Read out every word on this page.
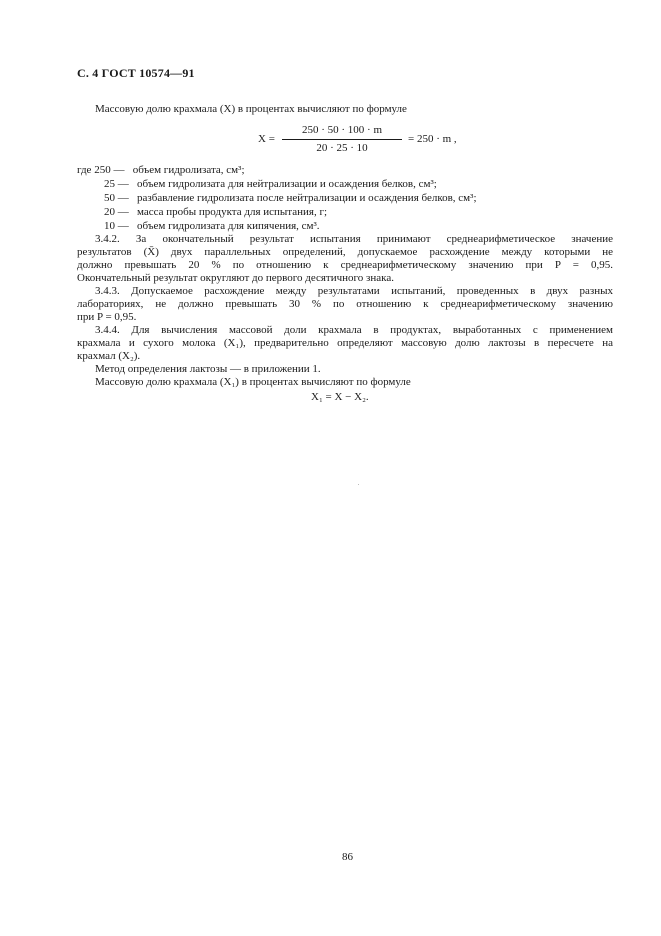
С. 4 ГОСТ 10574—91
Массовую долю крахмала (X) в процентах вычисляют по формуле
X =
250 · 50 · 100 · m
20 · 25 · 10
= 250 · m ,
где 250 — объем гидролизата, см³;
25 — объем гидролизата для нейтрализации и осаждения белков, см³;
50 — разбавление гидролизата после нейтрализации и осаждения белков, см³;
20 — масса пробы продукта для испытания, г;
10 — объем гидролизата для кипячения, см³.
3.4.2. За окончательный результат испытания принимают среднеарифметическое значение
результатов (X̄) двух параллельных определений, допускаемое расхождение между которыми не
должно превышать 20 % по отношению к среднеарифметическому значению при P = 0,95.
Окончательный результат округляют до первого десятичного знака.
3.4.3. Допускаемое расхождение между результатами испытаний, проведенных в двух разных
лабораториях, не должно превышать 30 % по отношению к среднеарифметическому значению
при P = 0,95.
3.4.4. Для вычисления массовой доли крахмала в продуктах, выработанных с применением
крахмала и сухого молока (X₁), предварительно определяют массовую долю лактозы в пересчете на
крахмал (X₂).
Метод определения лактозы — в приложении 1.
Массовую долю крахмала (X₁) в процентах вычисляют по формуле
X₁ = X − X₂.
86
